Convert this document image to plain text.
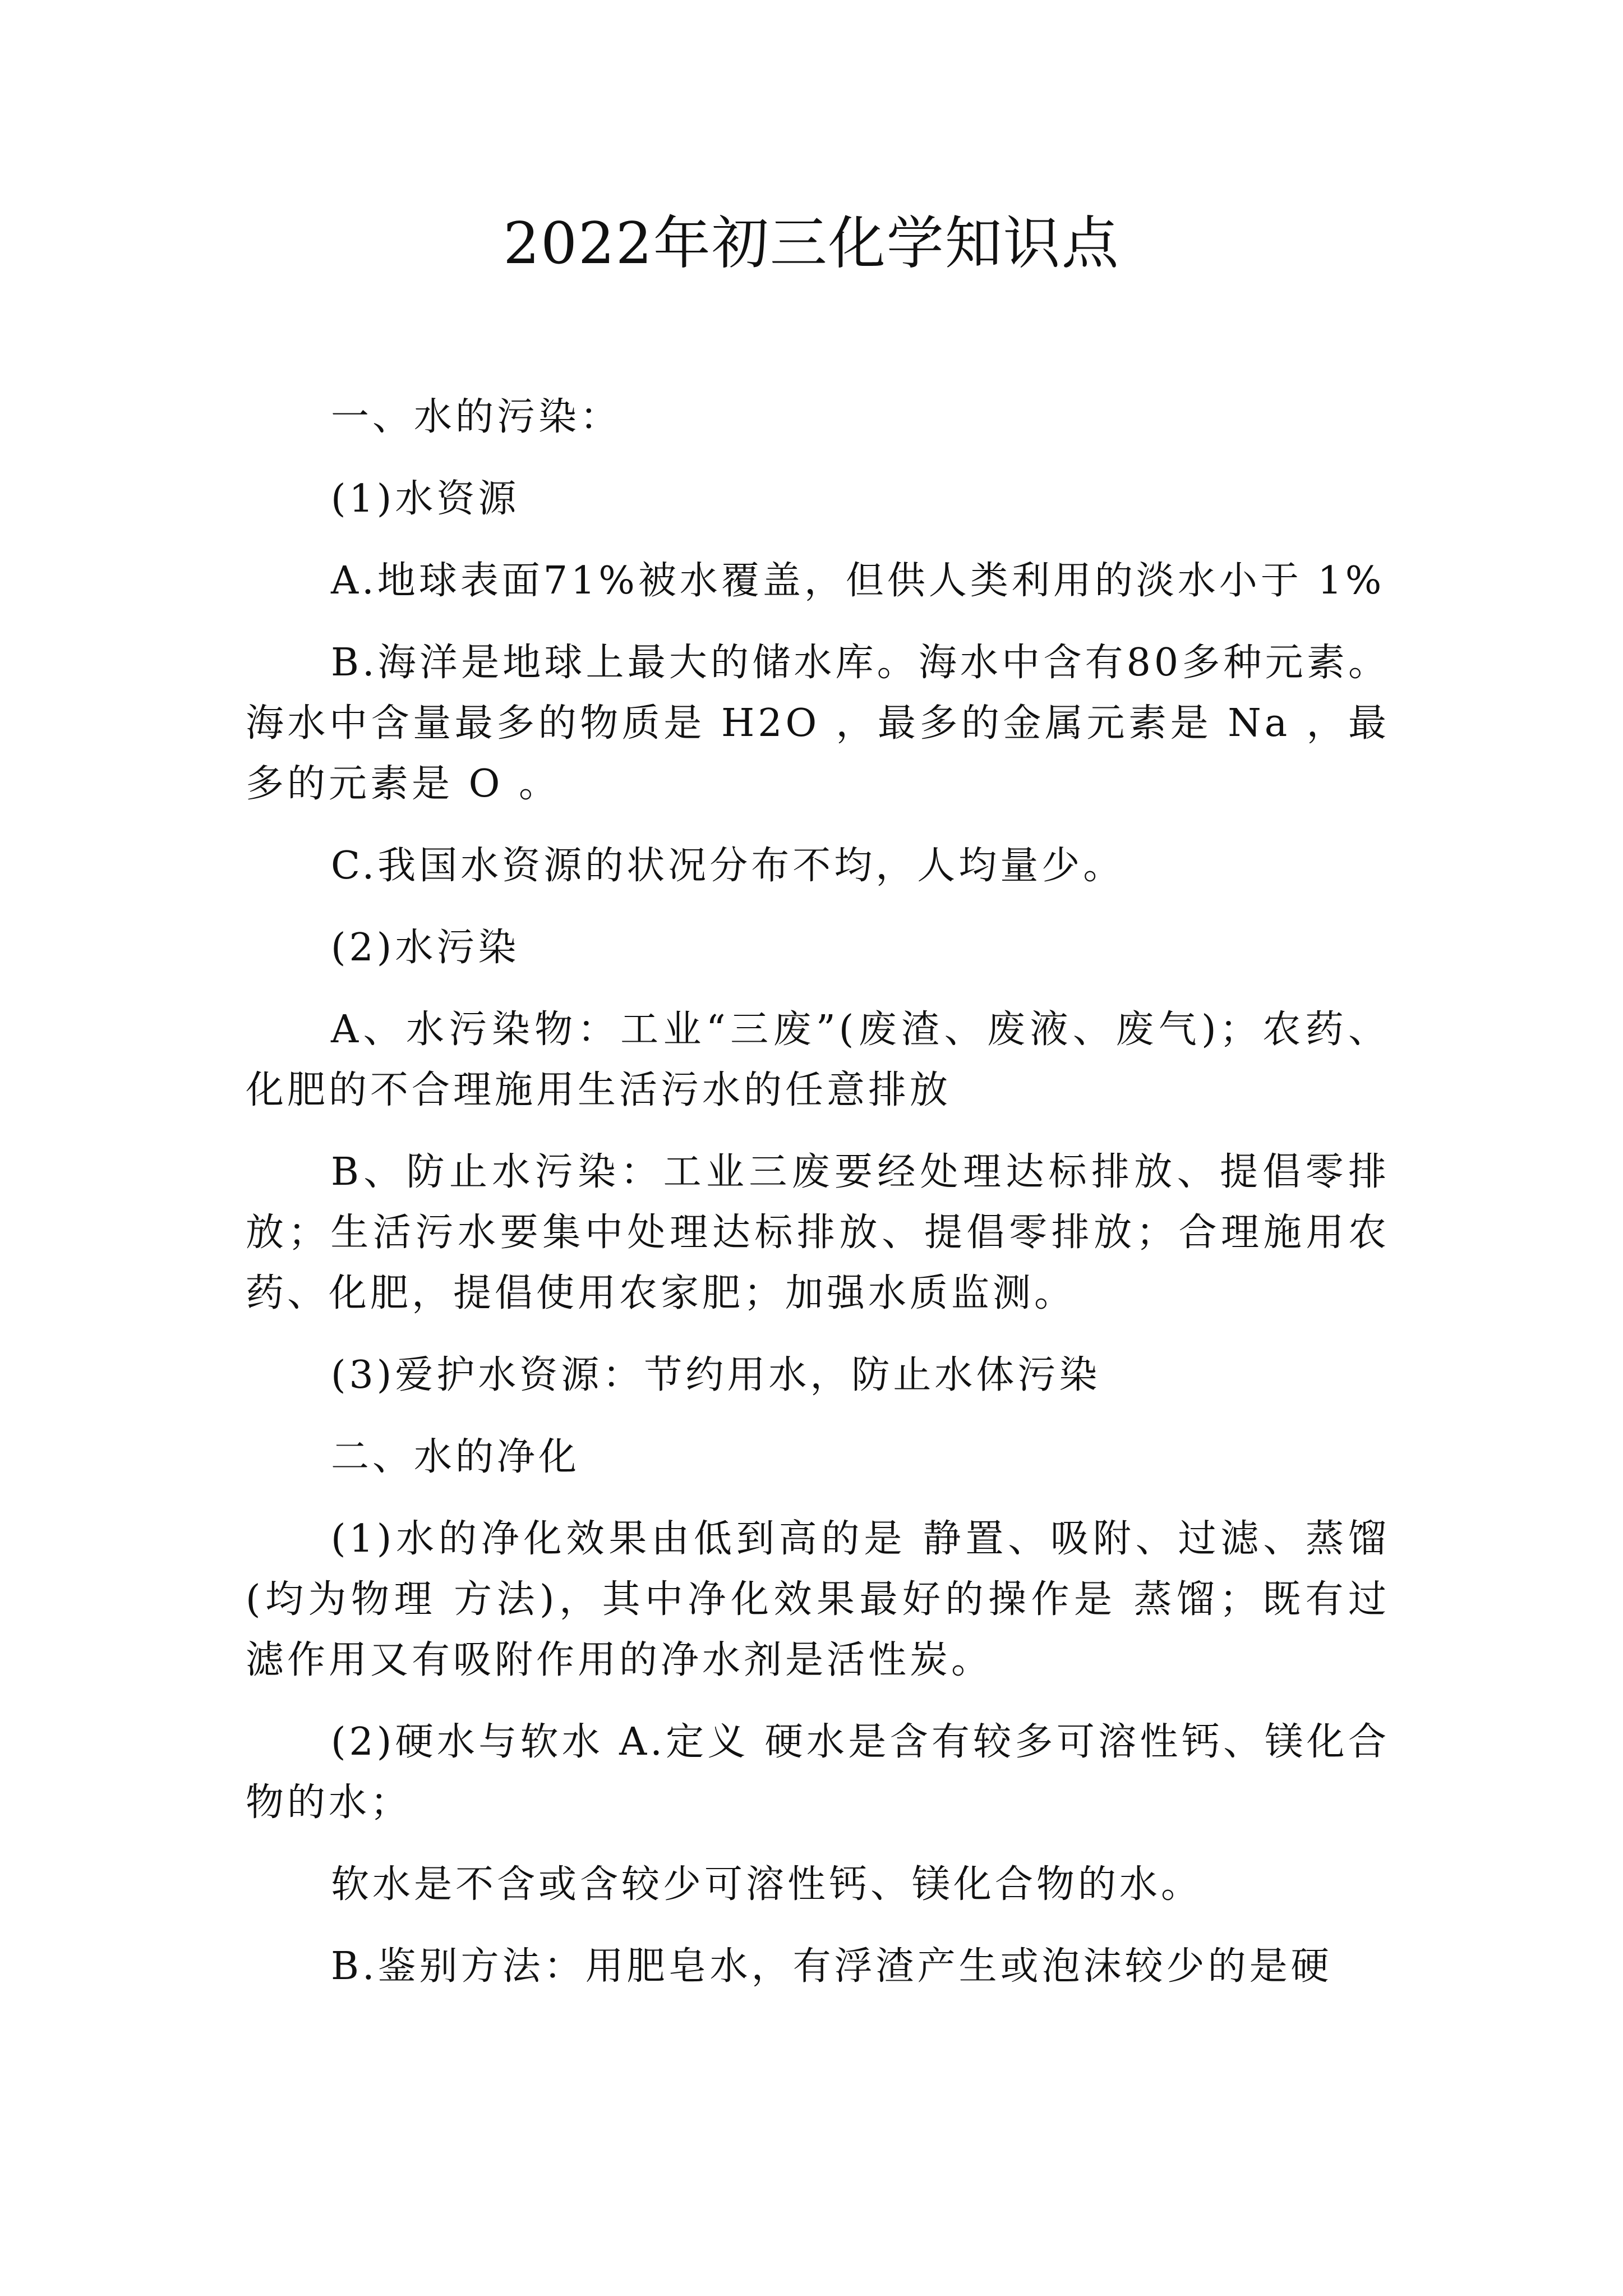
2022年初三化学知识点

一、水的污染：

(1)水资源

A.地球表面71%被水覆盖，但供人类利用的淡水小于 1%

B.海洋是地球上最大的储水库。海水中含有80多种元素。海水中含量最多的物质是 H2O ，最多的金属元素是 Na ，最多的元素是 O 。

C.我国水资源的状况分布不均，人均量少。

(2)水污染

A、水污染物：工业“三废”(废渣、废液、废气)；农药、化肥的不合理施用生活污水的任意排放

B、防止水污染：工业三废要经处理达标排放、提倡零排放；生活污水要集中处理达标排放、提倡零排放；合理施用农药、化肥，提倡使用农家肥；加强水质监测。

(3)爱护水资源：节约用水，防止水体污染

二、水的净化

(1)水的净化效果由低到高的是 静置、吸附、过滤、蒸馏(均为物理 方法)，其中净化效果最好的操作是 蒸馏；既有过滤作用又有吸附作用的净水剂是活性炭。

(2)硬水与软水 A.定义 硬水是含有较多可溶性钙、镁化合物的水；

软水是不含或含较少可溶性钙、镁化合物的水。

B.鉴别方法：用肥皂水，有浮渣产生或泡沫较少的是硬
